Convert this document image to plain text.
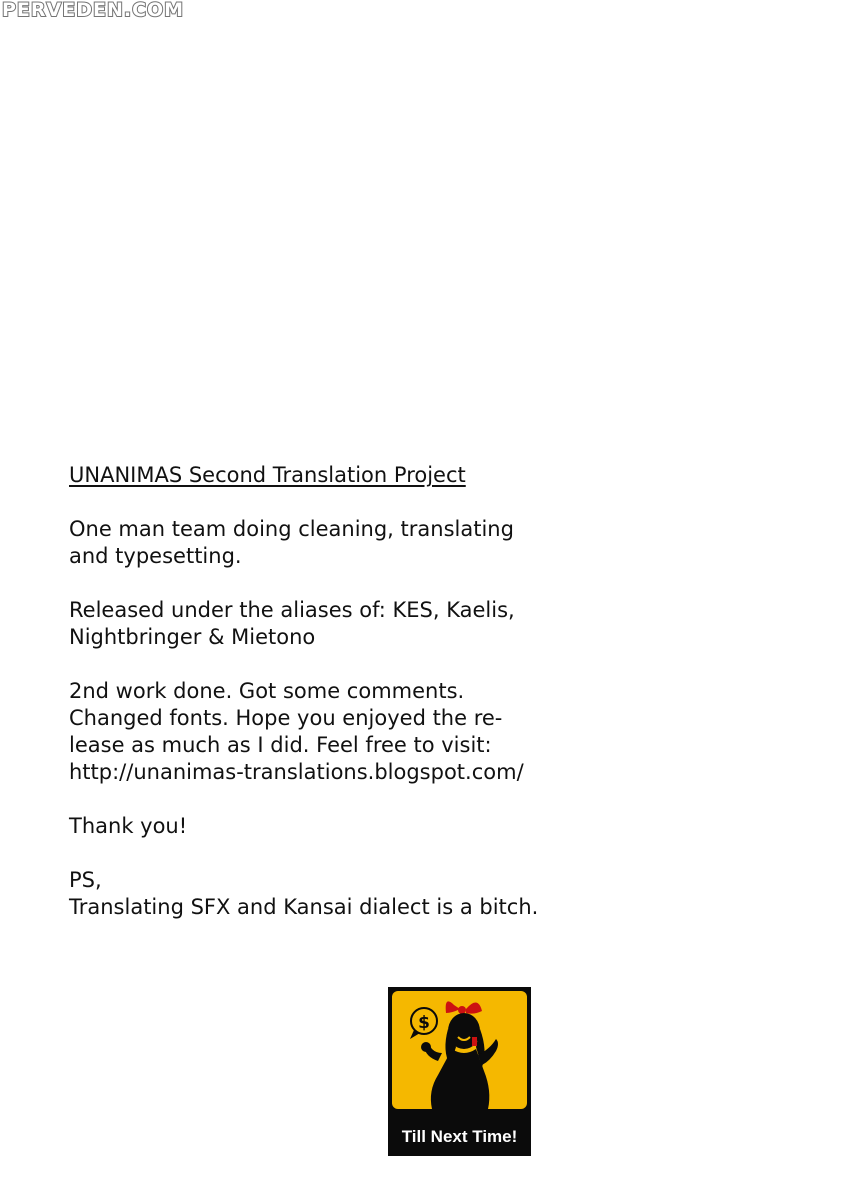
PERVEDEN.COM

UNANIMAS Second Translation Project

One man team doing cleaning, translating
and typesetting.

Released under the aliases of: KES, Kaelis,
Nightbringer & Mietono

2nd work done. Got some comments.
Changed fonts. Hope you enjoyed the re-
lease as much as I did. Feel free to visit:
http://unanimas-translations.blogspot.com/

Thank you!

PS,
Translating SFX and Kansai dialect is a bitch.

$
Till Next Time!
